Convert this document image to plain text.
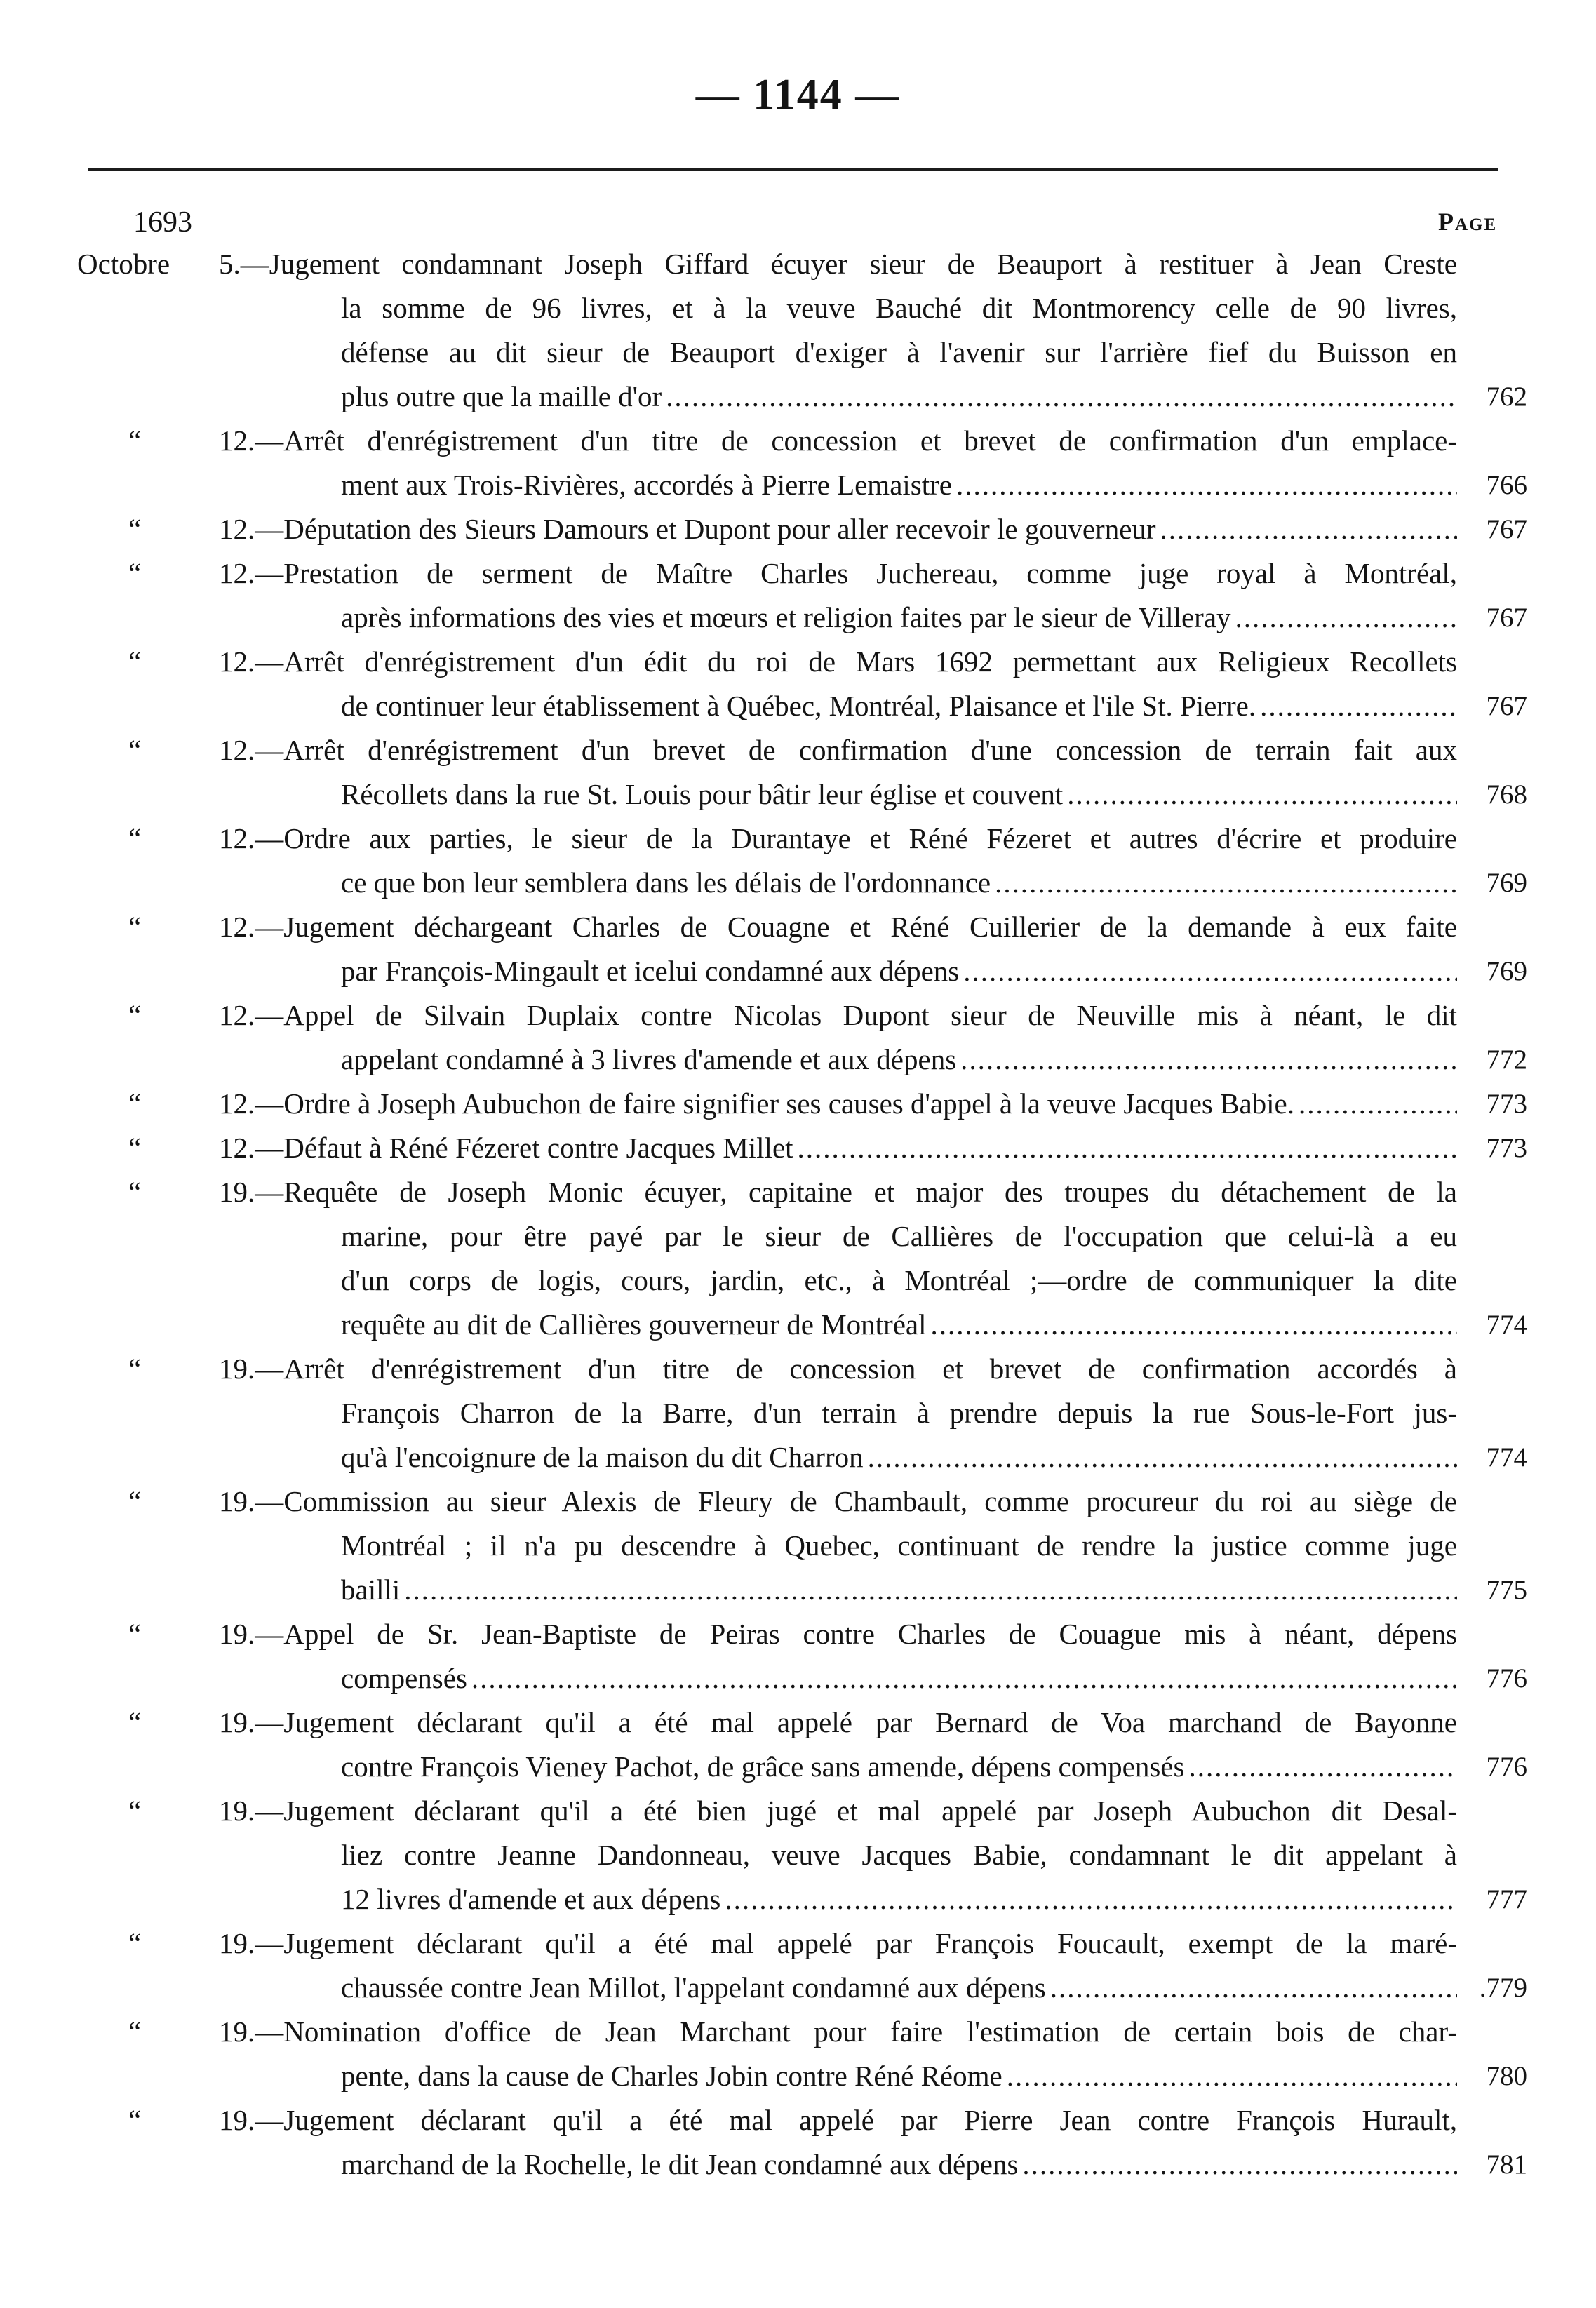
— 1144 —
1693	Page
Octobre 5.—Jugement condamnant Joseph Giffard écuyer sieur de Beauport à restituer à Jean Creste
la somme de 96 livres, et à la veuve Bauché dit Montmorency celle de 90 livres,
défense au dit sieur de Beauport d'exiger à l'avenir sur l'arrière fief du Buisson en
plus outre que la maille d'or .....	762
“	12.—Arrêt d'enrégistrement d'un titre de concession et brevet de confirmation d'un emplace-
ment aux Trois-Rivières, accordés à Pierre Lemaistre .....	766
“	12.—Députation des Sieurs Damours et Dupont pour aller recevoir le gouverneur .....	767
“	12.—Prestation de serment de Maître Charles Juchereau, comme juge royal à Montréal,
après informations des vies et mœurs et religion faites par le sieur de Villeray .....	767
“	12.—Arrêt d'enrégistrement d'un édit du roi de Mars 1692 permettant aux Religieux Recollets
de continuer leur établissement à Québec, Montréal, Plaisance et l'ile St. Pierre. .....	767
“	12.—Arrêt d'enrégistrement d'un brevet de confirmation d'une concession de terrain fait aux
Récollets dans la rue St. Louis pour bâtir leur église et couvent .....	768
“	12.—Ordre aux parties, le sieur de la Durantaye et Réné Fézeret et autres d'écrire et produire
ce que bon leur semblera dans les délais de l'ordonnance .....	769
“	12.—Jugement déchargeant Charles de Couagne et Réné Cuillerier de la demande à eux faite
par François-Mingault et icelui condamné aux dépens .....	769
“	12.—Appel de Silvain Duplaix contre Nicolas Dupont sieur de Neuville mis à néant, le dit
appelant condamné à 3 livres d'amende et aux dépens .....	772
“	12.—Ordre à Joseph Aubuchon de faire signifier ses causes d'appel à la veuve Jacques Babie. .....	773
“	12.—Défaut à Réné Fézeret contre Jacques Millet .....	773
“	19.—Requête de Joseph Monic écuyer, capitaine et major des troupes du détachement de la
marine, pour être payé par le sieur de Callières de l'occupation que celui-là a eu
d'un corps de logis, cours, jardin, etc., à Montréal ;—ordre de communiquer la dite
requête au dit de Callières gouverneur de Montréal .....	774
“	19.—Arrêt d'enrégistrement d'un titre de concession et brevet de confirmation accordés à
François Charron de la Barre, d'un terrain à prendre depuis la rue Sous-le-Fort jus-
qu'à l'encoignure de la maison du dit Charron .....	774
“	19.—Commission au sieur Alexis de Fleury de Chambault, comme procureur du roi au siège de
Montréal ; il n'a pu descendre à Quebec, continuant de rendre la justice comme juge
bailli .....	775
“	19.—Appel de Sr. Jean-Baptiste de Peiras contre Charles de Couague mis à néant, dépens
compensés .....	776
“	19.—Jugement déclarant qu'il a été mal appelé par Bernard de Voa marchand de Bayonne
contre François Vieney Pachot, de grâce sans amende, dépens compensés .....	776
“	19.—Jugement déclarant qu'il a été bien jugé et mal appelé par Joseph Aubuchon dit Desal-
liez contre Jeanne Dandonneau, veuve Jacques Babie, condamnant le dit appelant à
12 livres d'amende et aux dépens .....	777
“	19.—Jugement déclarant qu'il a été mal appelé par François Foucault, exempt de la maré-
chaussée contre Jean Millot, l'appelant condamné aux dépens .....	.779
“	19.—Nomination d'office de Jean Marchant pour faire l'estimation de certain bois de char-
pente, dans la cause de Charles Jobin contre Réné Réome .....	780
“	19.—Jugement déclarant qu'il a été mal appelé par Pierre Jean contre François Hurault,
marchand de la Rochelle, le dit Jean condamné aux dépens .....	781
